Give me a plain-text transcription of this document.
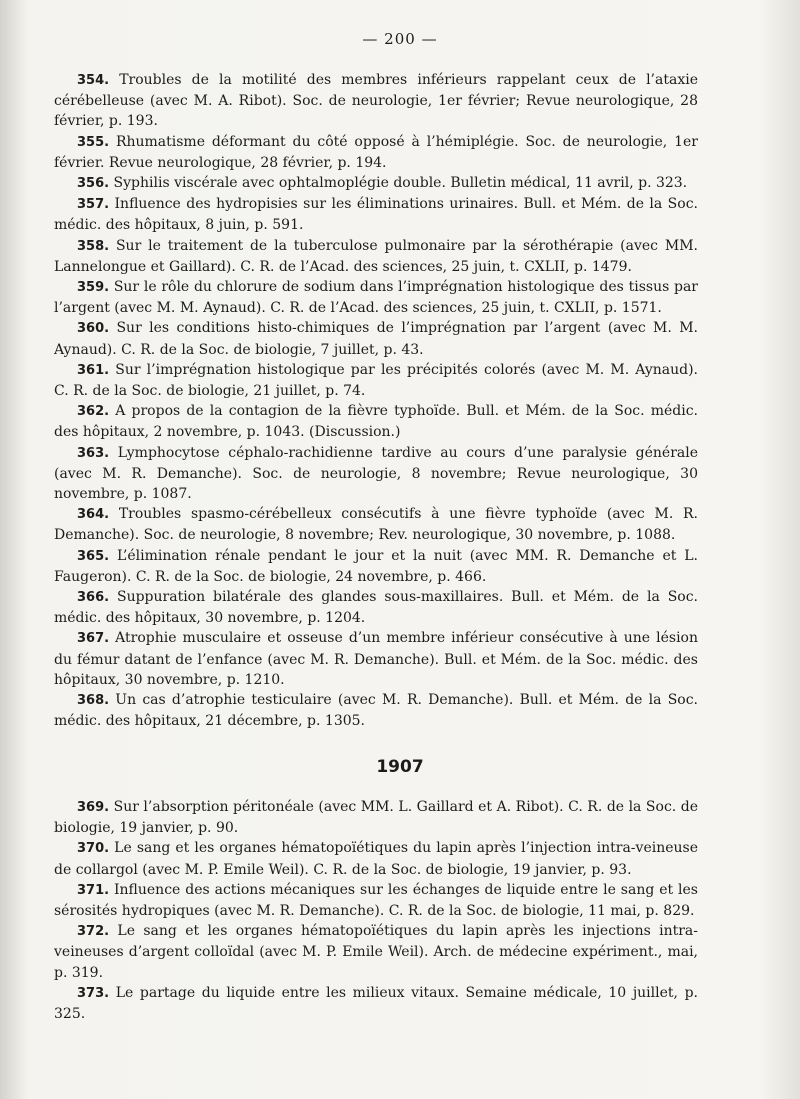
— 200 —

354. Troubles de la motilité des membres inférieurs rappelant ceux de l’ataxie cérébelleuse (avec M. A. Ribot). Soc. de neurologie, 1er février; Revue neurologique, 28 février, p. 193.

355. Rhumatisme déformant du côté opposé à l’hémiplégie. Soc. de neurologie, 1er février. Revue neurologique, 28 février, p. 194.

356. Syphilis viscérale avec ophtalmoplégie double. Bulletin médical, 11 avril, p. 323.

357. Influence des hydropisies sur les éliminations urinaires. Bull. et Mém. de la Soc. médic. des hôpitaux, 8 juin, p. 591.

358. Sur le traitement de la tuberculose pulmonaire par la sérothérapie (avec MM. Lannelongue et Gaillard). C. R. de l’Acad. des sciences, 25 juin, t. CXLII, p. 1479.

359. Sur le rôle du chlorure de sodium dans l’imprégnation histologique des tissus par l’argent (avec M. M. Aynaud). C. R. de l’Acad. des sciences, 25 juin, t. CXLII, p. 1571.

360. Sur les conditions histo-chimiques de l’imprégnation par l’argent (avec M. M. Aynaud). C. R. de la Soc. de biologie, 7 juillet, p. 43.

361. Sur l’imprégnation histologique par les précipités colorés (avec M. M. Aynaud). C. R. de la Soc. de biologie, 21 juillet, p. 74.

362. A propos de la contagion de la fièvre typhoïde. Bull. et Mém. de la Soc. médic. des hôpitaux, 2 novembre, p. 1043. (Discussion.)

363. Lymphocytose céphalo-rachidienne tardive au cours d’une paralysie générale (avec M. R. Demanche). Soc. de neurologie, 8 novembre; Revue neurologique, 30 novembre, p. 1087.

364. Troubles spasmo-cérébelleux consécutifs à une fièvre typhoïde (avec M. R. Demanche). Soc. de neurologie, 8 novembre; Rev. neurologique, 30 novembre, p. 1088.

365. L’élimination rénale pendant le jour et la nuit (avec MM. R. Demanche et L. Faugeron). C. R. de la Soc. de biologie, 24 novembre, p. 466.

366. Suppuration bilatérale des glandes sous-maxillaires. Bull. et Mém. de la Soc. médic. des hôpitaux, 30 novembre, p. 1204.

367. Atrophie musculaire et osseuse d’un membre inférieur consécutive à une lésion du fémur datant de l’enfance (avec M. R. Demanche). Bull. et Mém. de la Soc. médic. des hôpitaux, 30 novembre, p. 1210.

368. Un cas d’atrophie testiculaire (avec M. R. Demanche). Bull. et Mém. de la Soc. médic. des hôpitaux, 21 décembre, p. 1305.

1907

369. Sur l’absorption péritonéale (avec MM. L. Gaillard et A. Ribot). C. R. de la Soc. de biologie, 19 janvier, p. 90.

370. Le sang et les organes hématopoïétiques du lapin après l’injection intra-veineuse de collargol (avec M. P. Emile Weil). C. R. de la Soc. de biologie, 19 janvier, p. 93.

371. Influence des actions mécaniques sur les échanges de liquide entre le sang et les sérosités hydropiques (avec M. R. Demanche). C. R. de la Soc. de biologie, 11 mai, p. 829.

372. Le sang et les organes hématopoïétiques du lapin après les injections intra-veineuses d’argent colloïdal (avec M. P. Emile Weil). Arch. de médecine expériment., mai, p. 319.

373. Le partage du liquide entre les milieux vitaux. Semaine médicale, 10 juillet, p. 325.
